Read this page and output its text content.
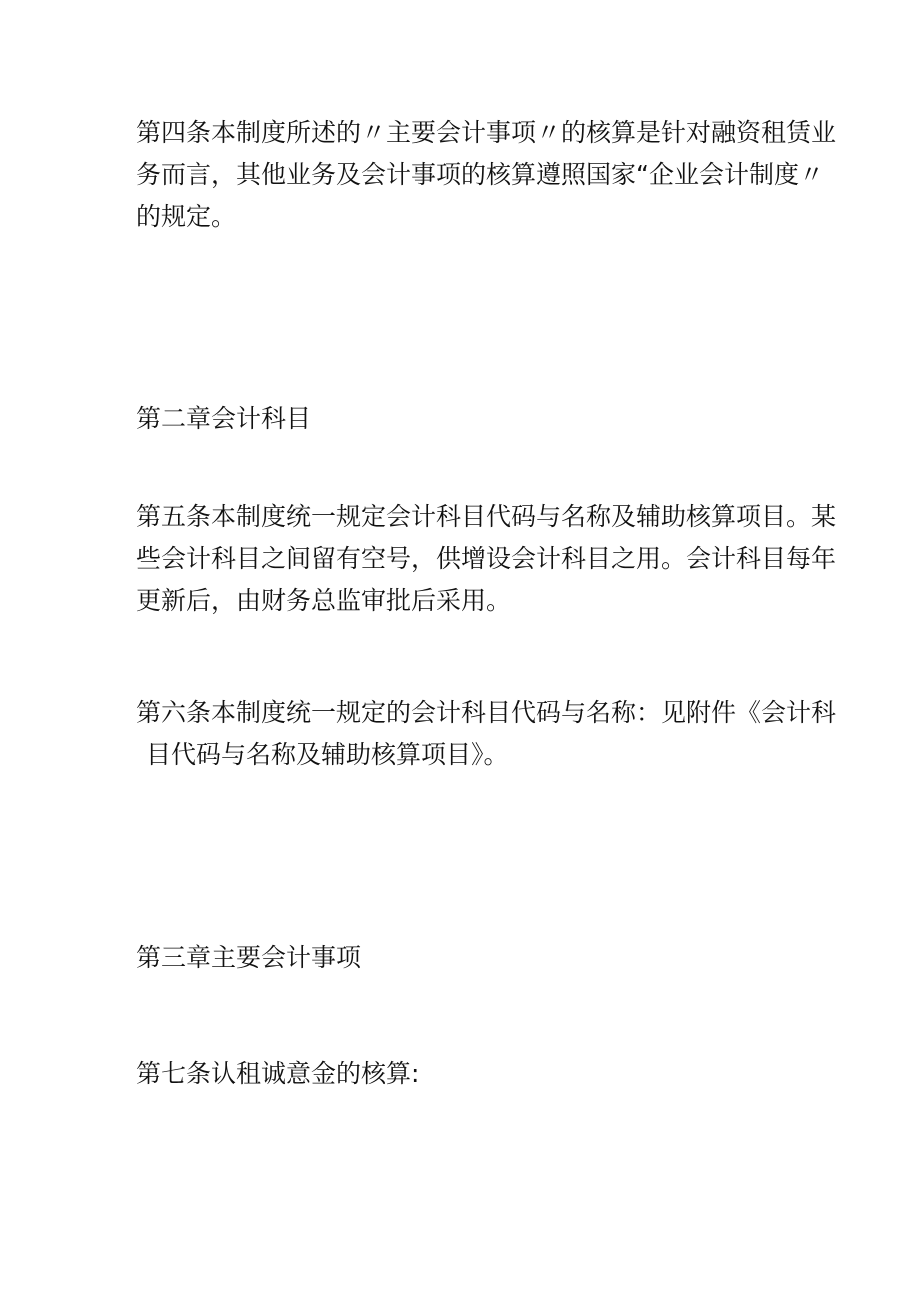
第四条本制度所述的〃主要会计事项〃的核算是针对融资租赁业
务而言，其他业务及会计事项的核算遵照国家“企业会计制度〃
的规定。

第二章会计科目

第五条本制度统一规定会计科目代码与名称及辅助核算项目。某
些会计科目之间留有空号，供增设会计科目之用。会计科目每年
更新后，由财务总监审批后采用。

第六条本制度统一规定的会计科目代码与名称：见附件《会计科
目代码与名称及辅助核算项目》。

第三章主要会计事项

第七条认租诚意金的核算:
